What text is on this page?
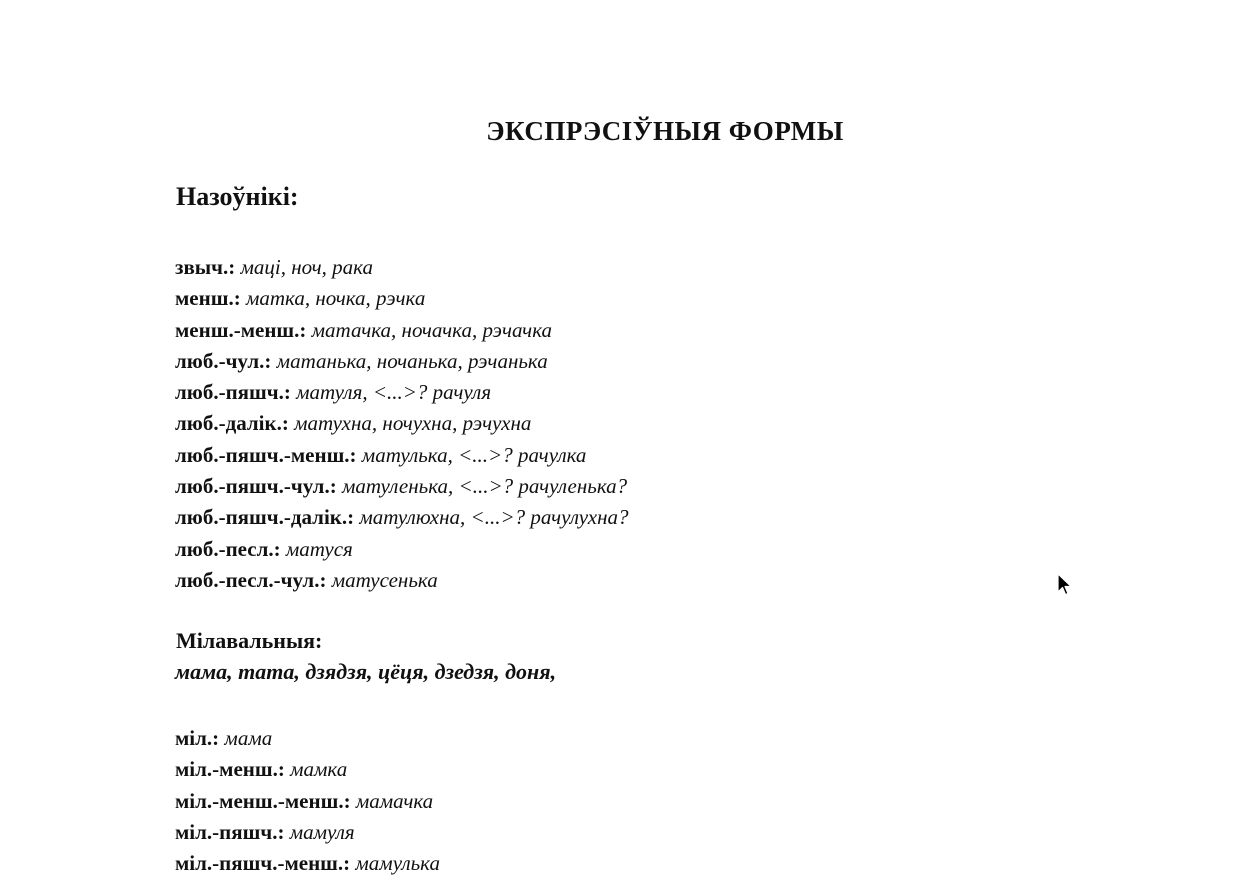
ЭКСПРЭСІЎНЫЯ ФОРМЫ
Назоўнікі:
звыч.: маці, ноч, рака
менш.: матка, ночка, рэчка
менш.-менш.: матачка, ночачка, рэчачка
люб.-чул.: матанька, ночанька, рэчанька
люб.-пяшч.: матуля, <...>? рачуля
люб.-далік.: матухна, ночухна, рэчухна
люб.-пяшч.-менш.: матулька, <...>? рачулка
люб.-пяшч.-чул.: матуленька, <...>? рачуленька?
люб.-пяшч.-далік.: матулюхна, <...>? рачулухна?
люб.-песл.: матуся
люб.-песл.-чул.: матусенька
Мілавальныя:

мама, тата, дзядзя, цёця, дзедзя, доня,

міл.: мама
міл.-менш.: мамка
міл.-менш.-менш.: мамачка
міл.-пяшч.: мамуля
міл.-пяшч.-менш.: мамулька
